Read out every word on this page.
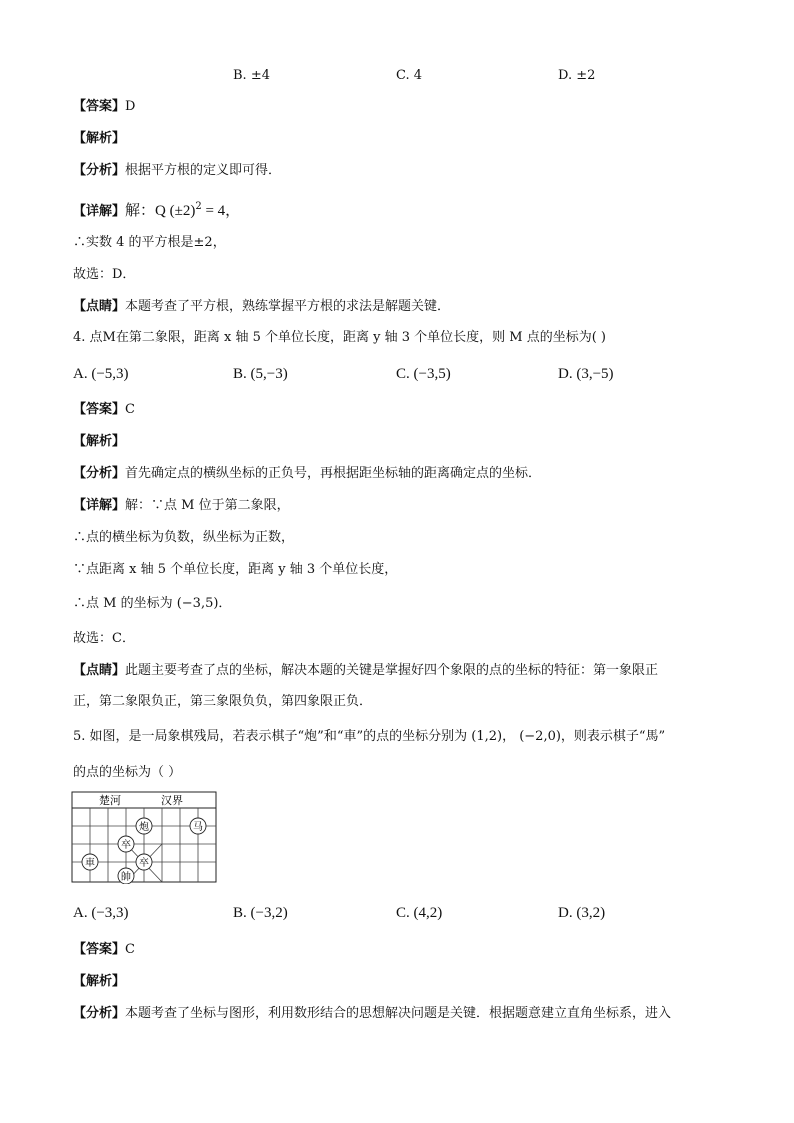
B. ±4	C. 4	D. ±2
【答案】D
【解析】
【分析】根据平方根的定义即可得．
【详解】解：Q $(\pm 2)^2 = 4$，
∴实数 4 的平方根是±2，
故选：D．
【点睛】本题考查了平方根，熟练掌握平方根的求法是解题关键．
4. 点M在第二象限，距离 x 轴 5 个单位长度，距离 y 轴 3 个单位长度，则 M 点的坐标为( )
A. (−5,3)	B. (5,−3)	C. (−3,5)	D. (3,−5)
【答案】C
【解析】
【分析】首先确定点的横纵坐标的正负号，再根据距坐标轴的距离确定点的坐标．
【详解】解：∵点 M 位于第二象限，
∴点的横坐标为负数，纵坐标为正数，
∵点距离 x 轴 5 个单位长度，距离 y 轴 3 个单位长度，
∴点 M 的坐标为 (−3,5)．
故选：C．
【点睛】此题主要考查了点的坐标，解决本题的关键是掌握好四个象限的点的坐标的特征：第一象限正
正，第二象限负正，第三象限负负，第四象限正负．
5. 如图，是一局象棋残局，若表示棋子“炮”和“車”的点的坐标分别为 (1,2)， (−2,0)，则表示棋子“馬”
的点的坐标为（ ）
楚河	汉界
炮	马
卒
車	卒
帥
A. (−3,3)	B. (−3,2)	C. (4,2)	D. (3,2)
【答案】C
【解析】
【分析】本题考查了坐标与图形，利用数形结合的思想解决问题是关键．根据题意建立直角坐标系，进入
